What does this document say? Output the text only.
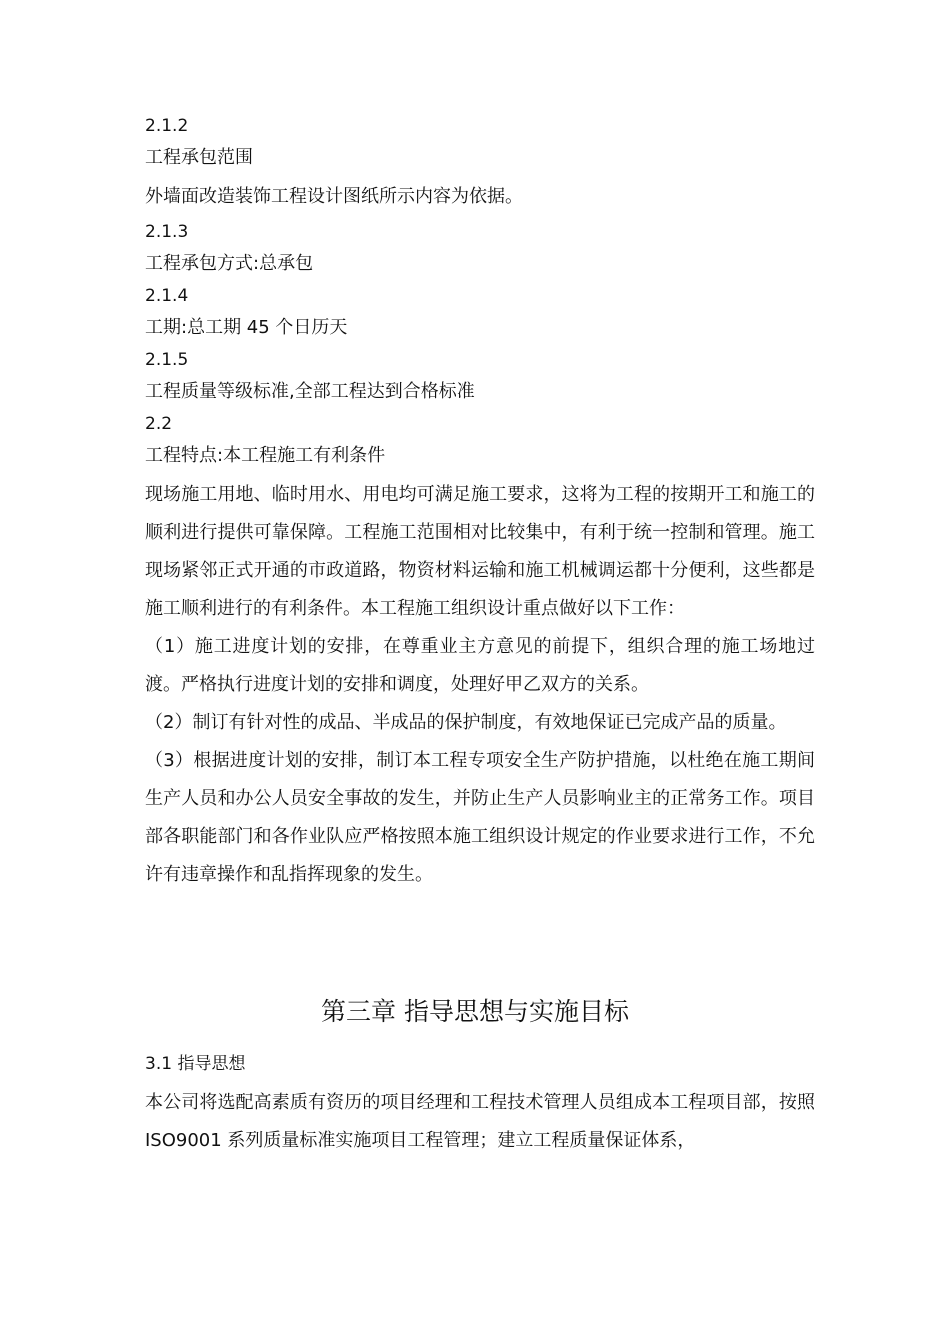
2.1.2
工程承包范围

外墙面改造装饰工程设计图纸所示内容为依据。

2.1.3
工程承包方式:总承包
2.1.4
工期:总工期 45 个日历天
2.1.5
工程质量等级标准,全部工程达到合格标准
2.2
工程特点:本工程施工有利条件

现场施工用地、临时用水、用电均可满足施工要求，这将为工程的按期开工和施工的顺利进行提供可靠保障。工程施工范围相对比较集中，有利于统一控制和管理。施工现场紧邻正式开通的市政道路，物资材料运输和施工机械调运都十分便利，这些都是施工顺利进行的有利条件。本工程施工组织设计重点做好以下工作：

（1）施工进度计划的安排，在尊重业主方意见的前提下，组织合理的施工场地过渡。严格执行进度计划的安排和调度，处理好甲乙双方的关系。

（2）制订有针对性的成品、半成品的保护制度，有效地保证已完成产品的质量。

（3）根据进度计划的安排，制订本工程专项安全生产防护措施，以杜绝在施工期间生产人员和办公人员安全事故的发生，并防止生产人员影响业主的正常务工作。项目部各职能部门和各作业队应严格按照本施工组织设计规定的作业要求进行工作，不允许有违章操作和乱指挥现象的发生。

第三章 指导思想与实施目标
3.1 指导思想

本公司将选配高素质有资历的项目经理和工程技术管理人员组成本工程项目部，按照 ISO9001 系列质量标准实施项目工程管理；建立工程质量保证体系，
